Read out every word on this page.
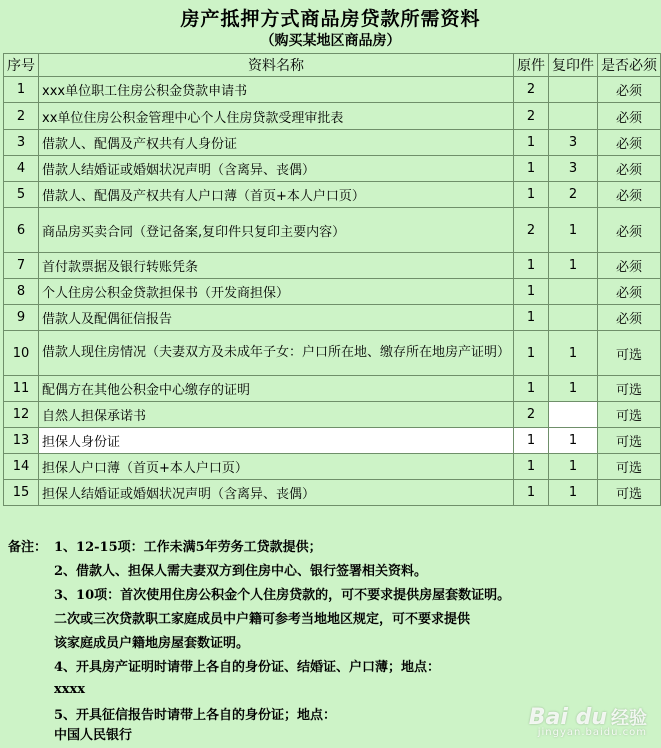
房产抵押方式商品房贷款所需资料
（购买某地区商品房）
序号	资料名称	原件	复印件	是否必须
1	xxx单位职工住房公积金贷款申请书	2		必须
2	xx单位住房公积金管理中心个人住房贷款受理审批表	2		必须
3	借款人、配偶及产权共有人身份证	1	3	必须
4	借款人结婚证或婚姻状况声明（含离异、丧偶）	1	3	必须
5	借款人、配偶及产权共有人户口薄（首页+本人户口页）	1	2	必须
6	商品房买卖合同（登记备案,复印件只复印主要内容）	2	1	必须
7	首付款票据及银行转账凭条	1	1	必须
8	个人住房公积金贷款担保书（开发商担保）	1		必须
9	借款人及配偶征信报告	1		必须
10	借款人现住房情况（夫妻双方及未成年子女：户口所在地、缴存所在地房产证明）	1	1	可选
11	配偶方在其他公积金中心缴存的证明	1	1	可选
12	自然人担保承诺书	2		可选
13	担保人身份证	1	1	可选
14	担保人户口薄（首页+本人户口页）	1	1	可选
15	担保人结婚证或婚姻状况声明（含离异、丧偶）	1	1	可选
备注： 1、12-15项：工作未满5年劳务工贷款提供；
2、借款人、担保人需夫妻双方到住房中心、银行签署相关资料。
3、10项：首次使用住房公积金个人住房贷款的，可不要求提供房屋套数证明。
二次或三次贷款职工家庭成员中户籍可参考当地地区规定，可不要求提供
该家庭成员户籍地房屋套数证明。
4、开具房产证明时请带上各自的身份证、结婚证、户口薄；地点：
xxxx
5、开具征信报告时请带上各自的身份证；地点：
中国人民银行
Bai du 经验
jingyan.baidu.com
